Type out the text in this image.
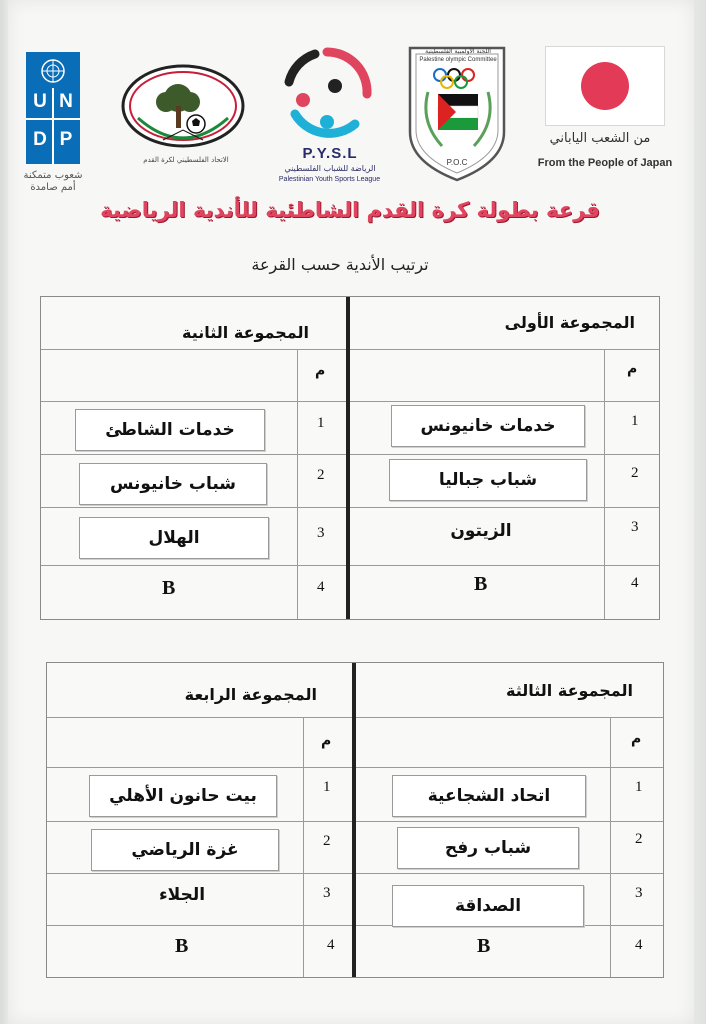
U N
D P
شعوب متمكنة
أمم صامدة
الاتحاد الفلسطيني لكرة القدم	P.Y.S.L
الرياضة للشباب الفلسطيني
Palestinian Youth Sports League
اللجنة الأولمبية الفلسطينية
Palestine olympic Committee
P.O.C
من الشعب الياباني
From the People of Japan
قرعة بطولة كرة القدم الشاطئية للأندية الرياضية
ترتيب الأندية حسب القرعة
المجموعة الأولى
م
1
2
3
4
خدمات خانيونس
شباب جباليا
الزيتون
B
المجموعة الثانية
م
1
2
3
4
خدمات الشاطئ
شباب خانيونس
الهلال
B
المجموعة الثالثة
م
1
2
3
4
اتحاد الشجاعية
شباب رفح
الصداقة
B
المجموعة الرابعة
م
1
2
3
4
بيت حانون الأهلي
غزة الرياضي
الجلاء
B
